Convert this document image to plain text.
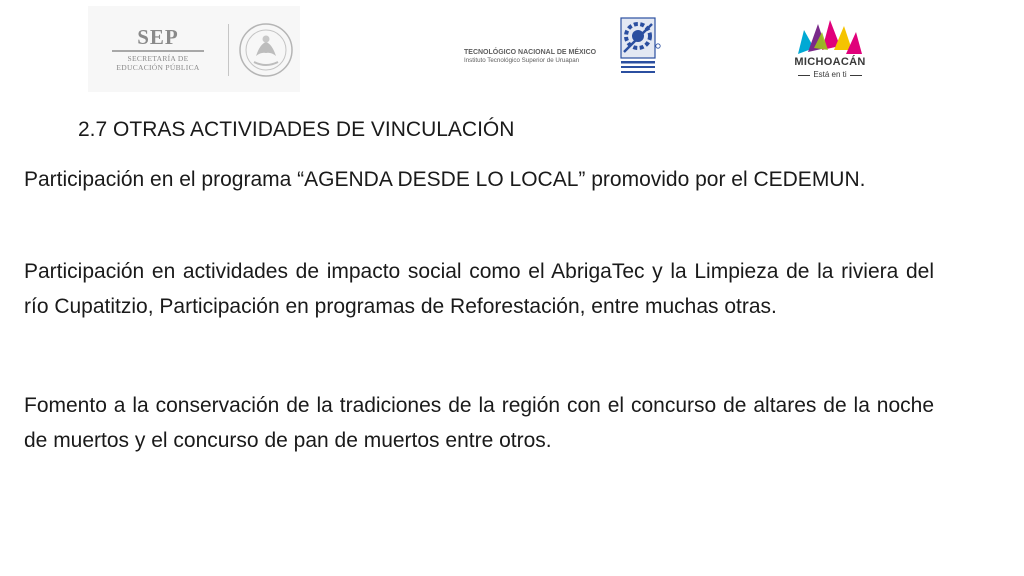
SEP
SECRETARÍA DE
EDUCACIÓN PÚBLICA
TECNOLÓGICO NACIONAL DE MÉXICO
Instituto Tecnológico Superior de Uruapan	MICHOACÁN
Está en ti
2.7 OTRAS ACTIVIDADES DE VINCULACIÓN

Participación en el programa “AGENDA DESDE LO LOCAL” promovido por el CEDEMUN.

Participación en actividades de impacto social como el AbrigaTec y la Limpieza de la riviera del río Cupatitzio, Participación en programas de Reforestación, entre muchas otras.

Fomento a la conservación de la tradiciones de la región con el concurso de altares de la noche de muertos y el concurso de pan de muertos entre otros.
